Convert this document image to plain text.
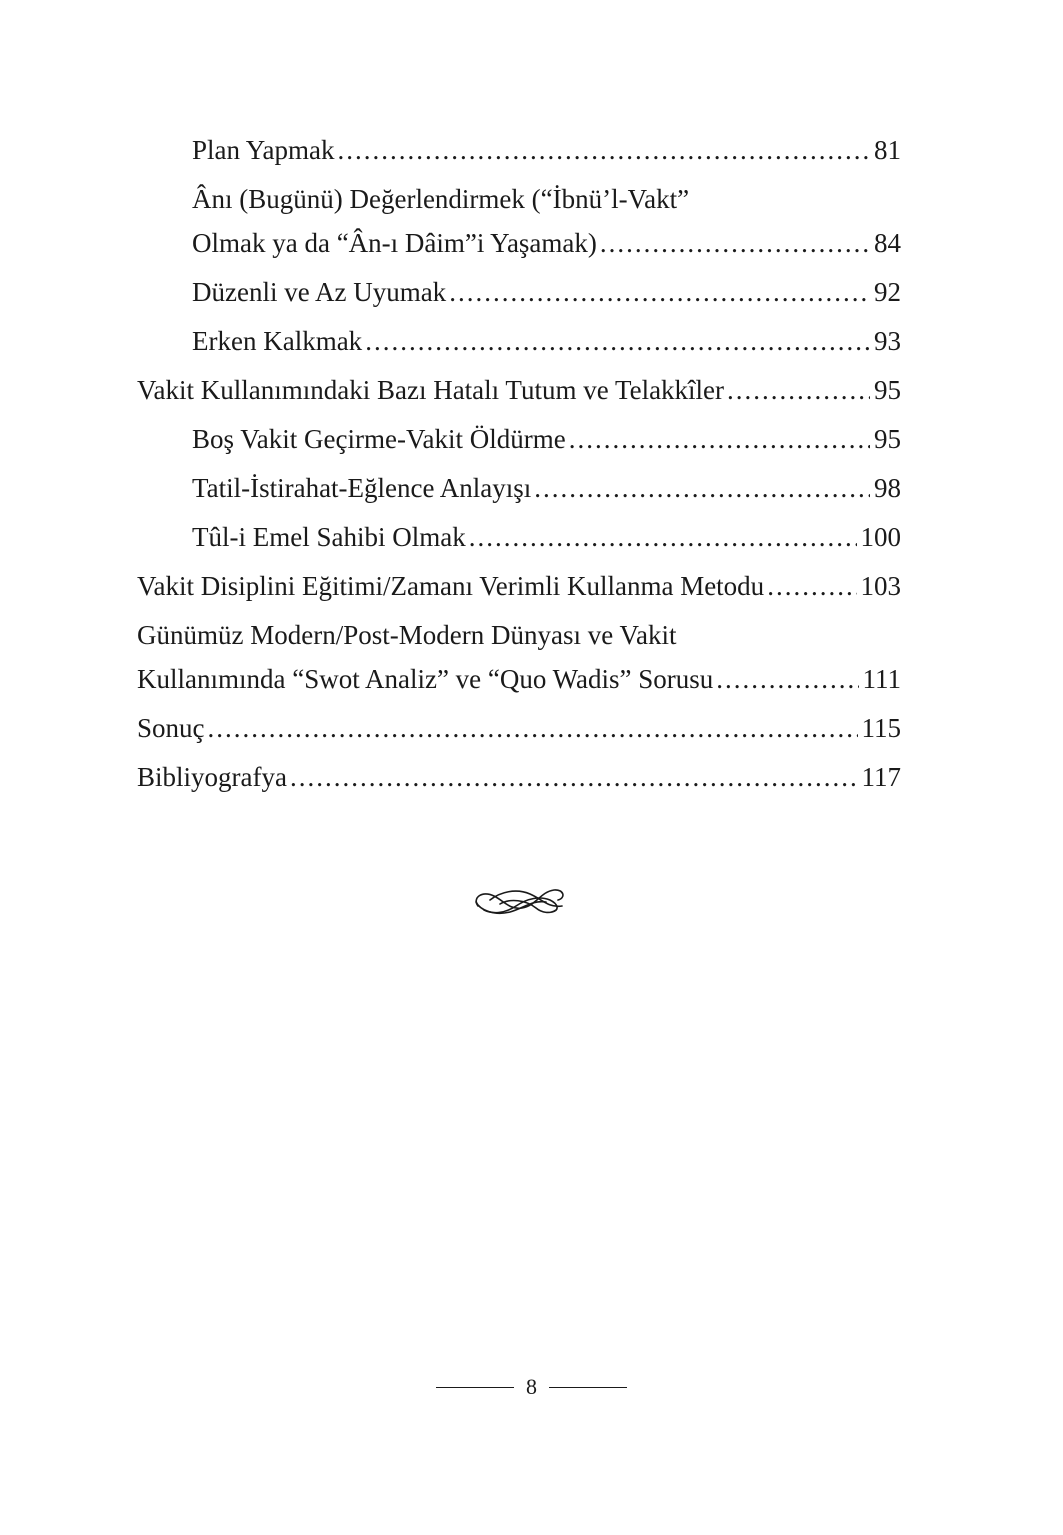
Plan Yapmak .....	81
Ânı (Bugünü) Değerlendirmek (“İbnü’l-Vakt”
Olmak ya da “Ân-ı Dâim”i Yaşamak) .....	84
Düzenli ve Az Uyumak .....	92
Erken Kalkmak .....	93
Vakit Kullanımındaki Bazı Hatalı Tutum ve Telakkîler .....	95
Boş Vakit Geçirme-Vakit Öldürme .....	95
Tatil-İstirahat-Eğlence Anlayışı .....	98
Tûl-i Emel Sahibi Olmak .....	100
Vakit Disiplini Eğitimi/Zamanı Verimli Kullanma Metodu .....	103
Günümüz Modern/Post-Modern Dünyası ve Vakit
Kullanımında “Swot Analiz” ve “Quo Wadis” Sorusu .....	111
Sonuç .....	115
Bibliyografya .....	117
8
